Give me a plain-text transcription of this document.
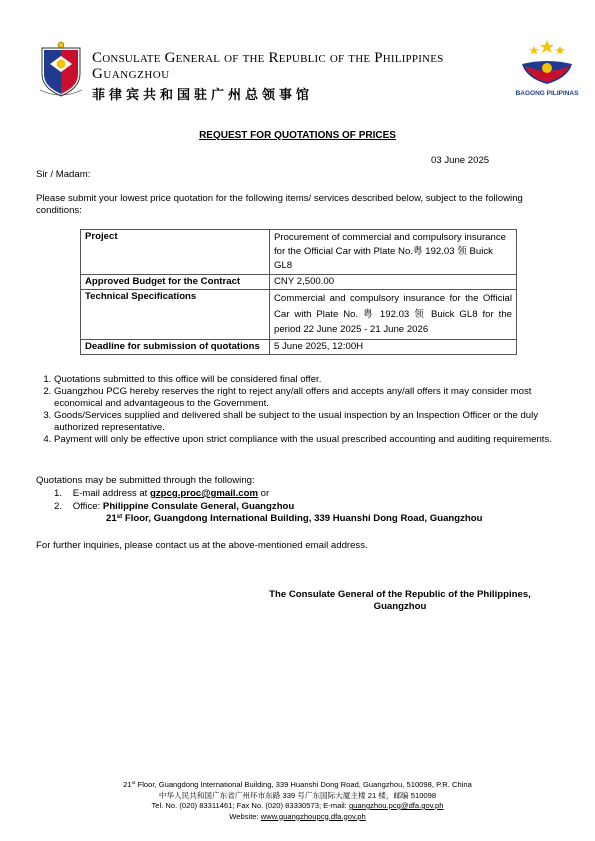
BAGONG PILIPINAS
Consulate General of the Republic of the Philippines
Guangzhou
菲律宾共和国驻广州总领事馆
REQUEST FOR QUOTATIONS OF PRICES
03 June 2025
Sir / Madam:
Please submit your lowest price quotation for the following items/ services described below, subject to the following conditions:
Project	Procurement of commercial and compulsory insurance for the Official Car with Plate No.粤 192.03 领 Buick GL8
Approved Budget for the Contract	CNY 2,500.00
Technical Specifications	Commercial and compulsory insurance for the Official Car with Plate No. 粤 192.03 领 Buick GL8 for the period 22 June 2025 - 21 June 2026
Deadline for submission of quotations	5 June 2025, 12:00H
1. Quotations submitted to this office will be considered final offer.
2. Guangzhou PCG hereby reserves the right to reject any/all offers and accepts any/all offers it may consider most economical and advantageous to the Government.
3. Goods/Services supplied and delivered shall be subject to the usual inspection by an Inspection Officer or the duly authorized representative.
4. Payment will only be effective upon strict compliance with the usual prescribed accounting and auditing requirements.
Quotations may be submitted through the following:
1. E-mail address at gzpcg.proc@gmail.com or
2. Office: Philippine Consulate General, Guangzhou
21st Floor, Guangdong International Building, 339 Huanshi Dong Road, Guangzhou
For further inquiries, please contact us at the above-mentioned email address.
The Consulate General of the Republic of the Philippines,
Guangzhou
21st Floor, Guangdong International Building, 339 Huanshi Dong Road, Guangzhou, 510098, P.R. China
中华人民共和国广东省广州环市东路 339 号广东国际大厦主楼 21 楼，邮编 510098
Tel. No. (020) 83311461; Fax No. (020) 83330573; E-mail: guangzhou.pcg@dfa.gov.ph
Website: www.guangzhoupcg.dfa.gov.ph
